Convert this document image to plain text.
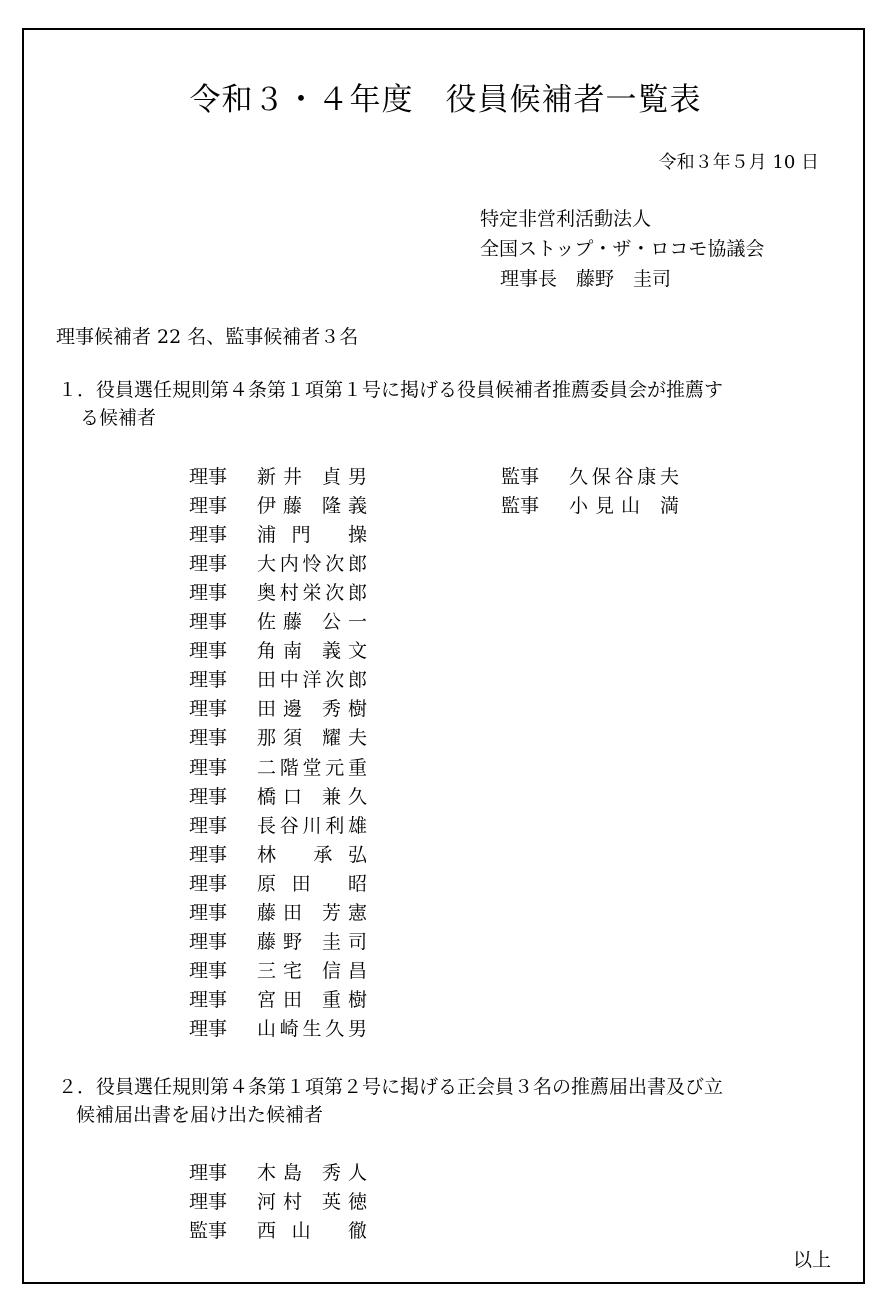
令和３・４年度　役員候補者一覧表
令和３年５月 10 日
特定非営利活動法人
全国ストップ・ザ・ロコモ協議会
理事長　藤野　圭司
理事候補者 22 名、監事候補者３名
１．役員選任規則第４条第１項第１号に掲げる役員候補者推薦委員会が推薦す
る候補者
理事	新井 貞男
理事	伊藤 隆義
理事	浦門 操
理事	大内怜次郎
理事	奥村栄次郎
理事	佐藤 公一
理事	角南 義文
理事	田中洋次郎
理事	田邊 秀樹
理事	那須 耀夫
理事	二階堂元重
理事	橋口 兼久
理事	長谷川利雄
理事	林 承弘
理事	原田 昭
理事	藤田 芳憲
理事	藤野 圭司
理事	三宅 信昌
理事	宮田 重樹
理事	山崎生久男
監事	久保谷康夫
監事	小見山 満
２．役員選任規則第４条第１項第２号に掲げる正会員３名の推薦届出書及び立
候補届出書を届け出た候補者
理事	木島 秀人
理事	河村 英徳
監事	西山 徹
以上
